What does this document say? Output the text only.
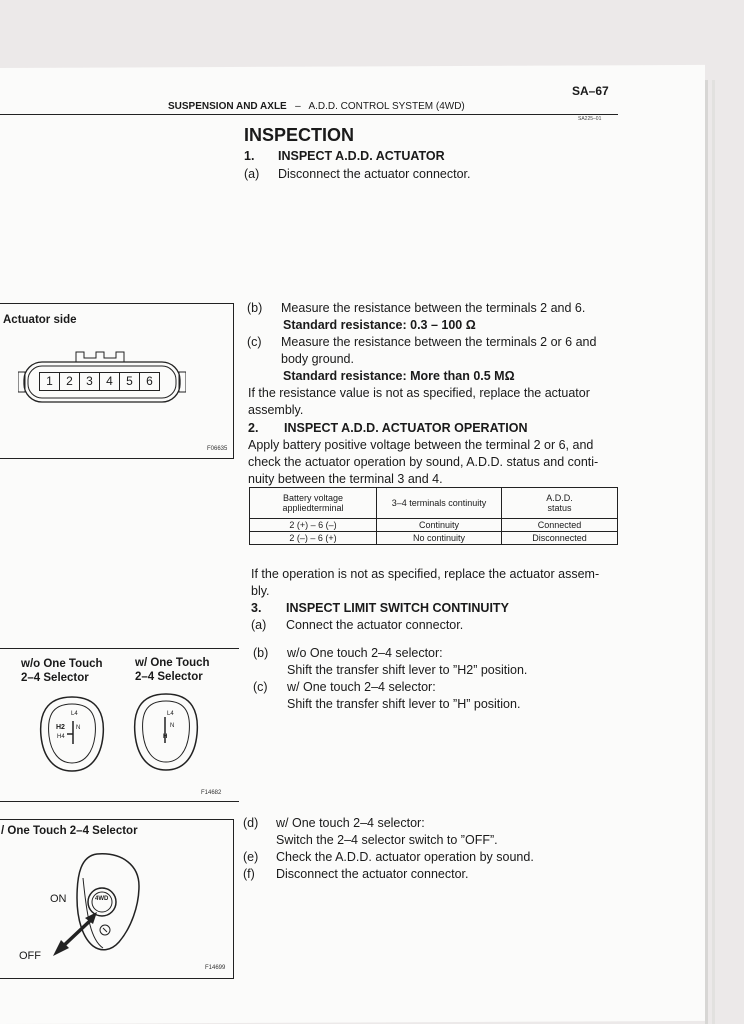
SA–67
SUSPENSION AND AXLE – A.D.D. CONTROL SYSTEM (4WD)
SA225–01
INSPECTION
1. INSPECT A.D.D. ACTUATOR
(a) Disconnect the actuator connector.
(b) Measure the resistance between the terminals 2 and 6.
Standard resistance: 0.3 – 100 Ω
(c) Measure the resistance between the terminals 2 or 6 and
body ground.
Standard resistance: More than 0.5 MΩ
If the resistance value is not as specified, replace the actuator
assembly.
2. INSPECT A.D.D. ACTUATOR OPERATION
Apply battery positive voltage between the terminal 2 or 6, and
check the actuator operation by sound, A.D.D. status and conti-
nuity between the terminal 3 and 4.
Battery voltage
appliedterminal	3–4 terminals continuity	A.D.D.
status
2 (+) – 6 (–)	Continuity	Connected
2 (–) – 6 (+)	No continuity	Disconnected
If the operation is not as specified, replace the actuator assem-
bly.
3. INSPECT LIMIT SWITCH CONTINUITY
(a) Connect the actuator connector.
(b) w/o One touch 2–4 selector:
Shift the transfer shift lever to ”H2” position.
(c) w/ One touch 2–4 selector:
Shift the transfer shift lever to ”H” position.
(d) w/ One touch 2–4 selector:
Switch the 2–4 selector switch to ”OFF”.
(e) Check the A.D.D. actuator operation by sound.
(f) Disconnect the actuator connector.
Actuator side
1	2	3	4	5	6
F06635
w/o One Touch
2–4 Selector
w/ One Touch
2–4 Selector
L4
H2 N
H4
L4
N
H
F14682
/ One Touch 2–4 Selector
4WD
ON
OFF
F14699
